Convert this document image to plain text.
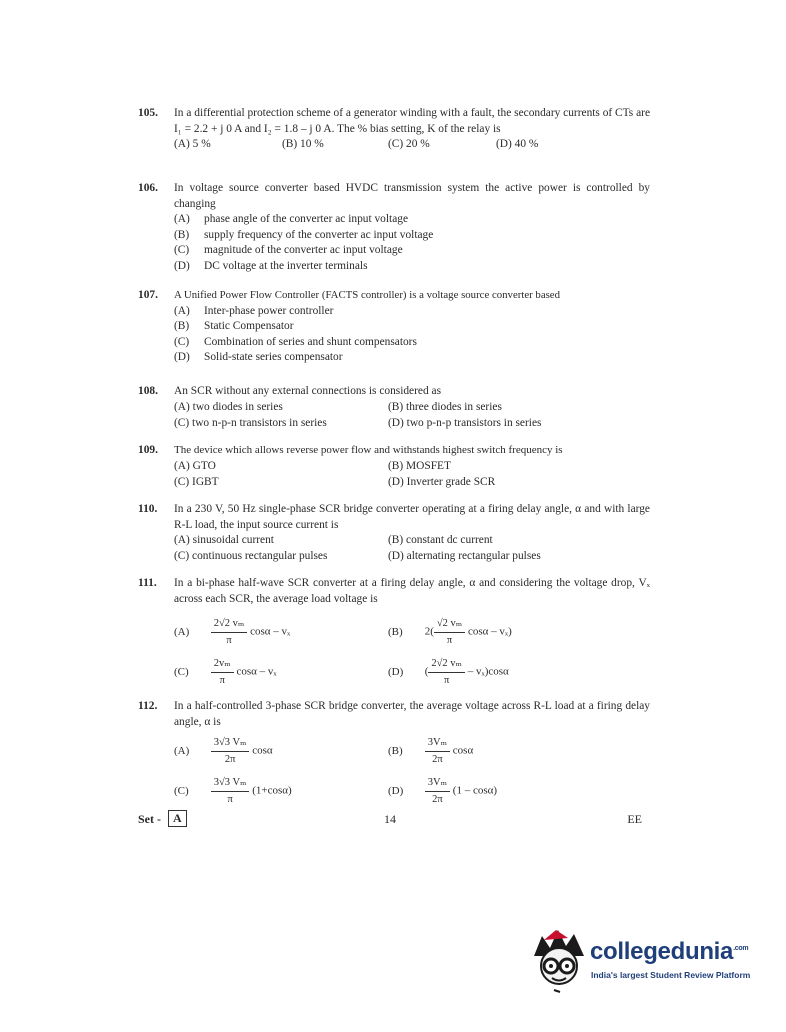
105. In a differential protection scheme of a generator winding with a fault, the secondary currents of CTs are I₁ = 2.2 + j 0 A and I₂ = 1.8 – j 0 A. The % bias setting, K of the relay is
(A) 5 %	(B) 10 %	(C) 20 %	(D) 40 %
106. In voltage source converter based HVDC transmission system the active power is controlled by changing
(A) phase angle of the converter ac input voltage
(B) supply frequency of the converter ac input voltage
(C) magnitude of the converter ac input voltage
(D) DC voltage at the inverter terminals
107. A Unified Power Flow Controller (FACTS controller) is a voltage source converter based
(A) Inter-phase power controller
(B) Static Compensator
(C) Combination of series and shunt compensators
(D) Solid-state series compensator
108. An SCR without any external connections is considered as
(A) two diodes in series	(B) three diodes in series
(C) two n-p-n transistors in series	(D) two p-n-p transistors in series
109. The device which allows reverse power flow and withstands highest switch frequency is
(A) GTO	(B) MOSFET
(C) IGBT	(D) Inverter grade SCR
110. In a 230 V, 50 Hz single-phase SCR bridge converter operating at a firing delay angle, α and with large R-L load, the input source current is
(A) sinusoidal current	(B) constant dc current
(C) continuous rectangular pulses	(D) alternating rectangular pulses
111. In a bi-phase half-wave SCR converter at a firing delay angle, α and considering the voltage drop, Vₓ across each SCR, the average load voltage is
$(A) \frac{\text{2√2 vₘ}}{\pi}$ cosα – vₓ	(B) $2( \frac{\text{√2 vₘ}}{\pi}$ cosα – vₓ)
$(C) \frac{\text{2vₘ}}{\pi}$ cosα – vₓ	(D) ( $\frac{\text{2√2 vₘ}}{\pi} - v_x)\cos\alpha$
112. In a half-controlled 3-phase SCR bridge converter, the average voltage across R-L load at a firing delay angle, α is
$(A) \frac{\text{3√3 Vₘ}}{2\pi}$ cosα	$(B) \frac{\text{3Vₘ}}{2\pi}$ cosα
$(C) \frac{\text{3√3 Vₘ}}{\pi} (1+\cos\alpha)$	$(D) \frac{\text{3Vₘ}}{2\pi} (1 - \cos\alpha)$
Set -	A	14	EE
collegedunia$^{.com}$
India's largest Student Review Platform
